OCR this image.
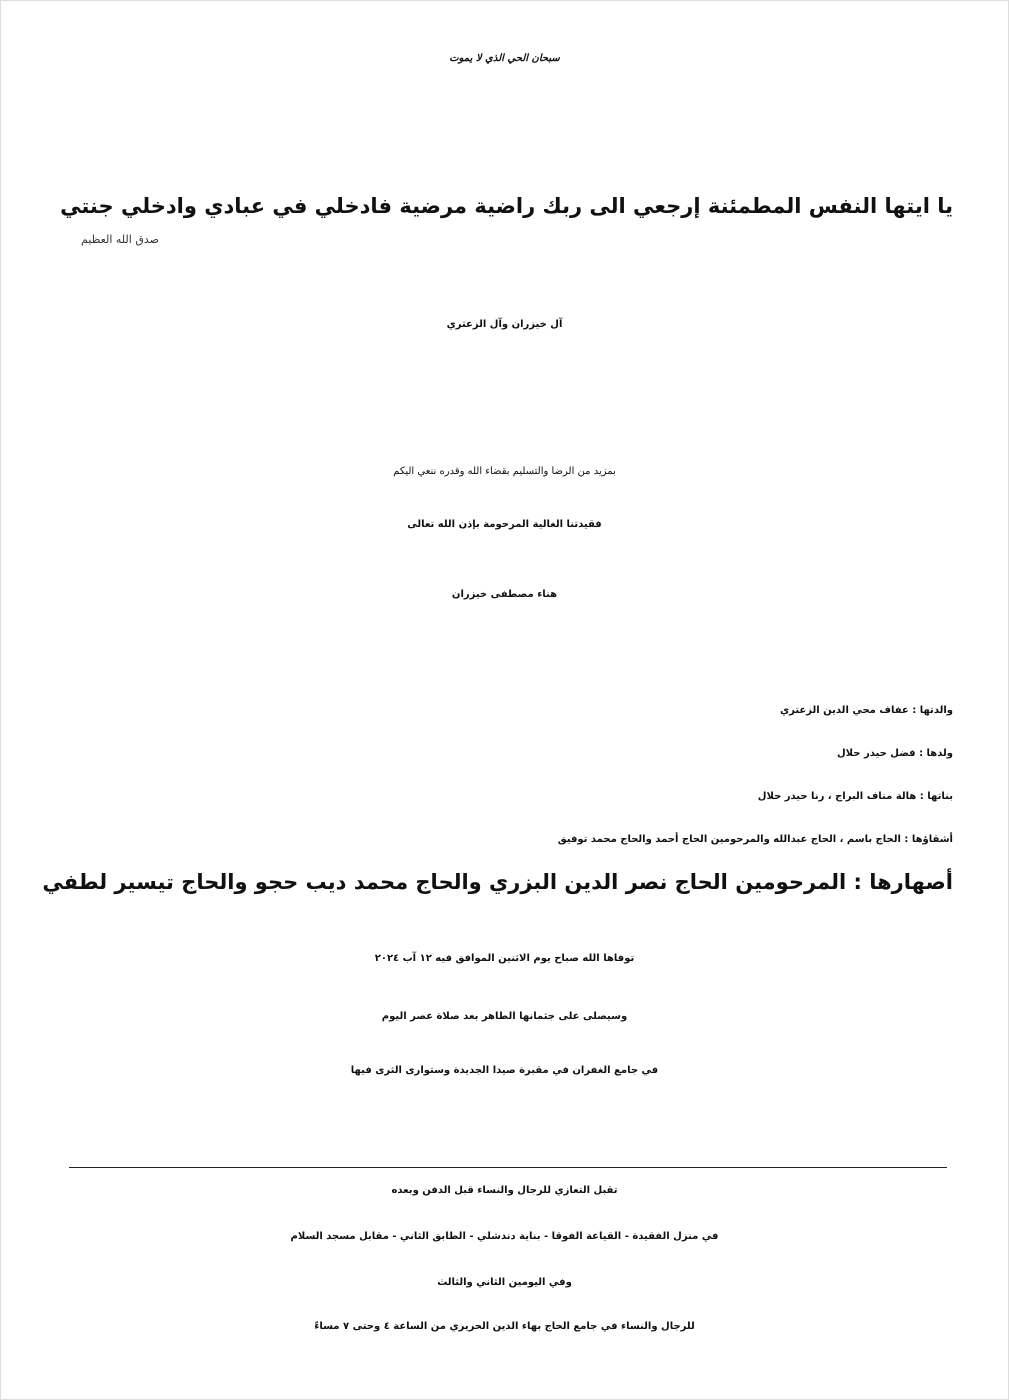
سبحان الحي الذي لا يموت
يا ايتها النفس المطمئنة إرجعي الى ربك راضية مرضية فادخلي في عبادي وادخلي جنتي
صدق الله العظيم
آل خيزران وآل الزعتري
بمزيد من الرضا والتسليم بقضاء الله وقدره ننعي اليكم
فقيدتنا الغالية المرحومة بإذن الله تعالى
هناء مصطفى خيزران
والدتها : عفاف محي الدين الزعتري
ولدها : فضل حيدر حلال
بناتها : هالة مناف البراج ، رنا حيدر حلال
أشقاؤها : الحاج باسم ، الحاج عبدالله والمرحومين الحاج أحمد والحاج محمد توفيق
أصهارها : المرحومين الحاج نصر الدين البزري والحاج محمد ديب حجو والحاج تيسير لطفي
توفاها الله صباح يوم الاثنين الموافق فيه ١٢ آب ٢٠٢٤
وسيصلى على جثمانها الطاهر بعد صلاة عصر اليوم
في جامع الغفران في مقبرة صيدا الجديدة وستوارى الثرى فيها
تقبل التعازي للرجال والنساء قبل الدفن وبعده
في منزل الفقيدة - القياعة الفوقا - بناية دندشلي - الطابق الثاني - مقابل مسجد السلام
وفي اليومين الثاني والثالث
للرجال والنساء في جامع الحاج بهاء الدين الحريري من الساعة ٤ وحتى ٧ مساءً
